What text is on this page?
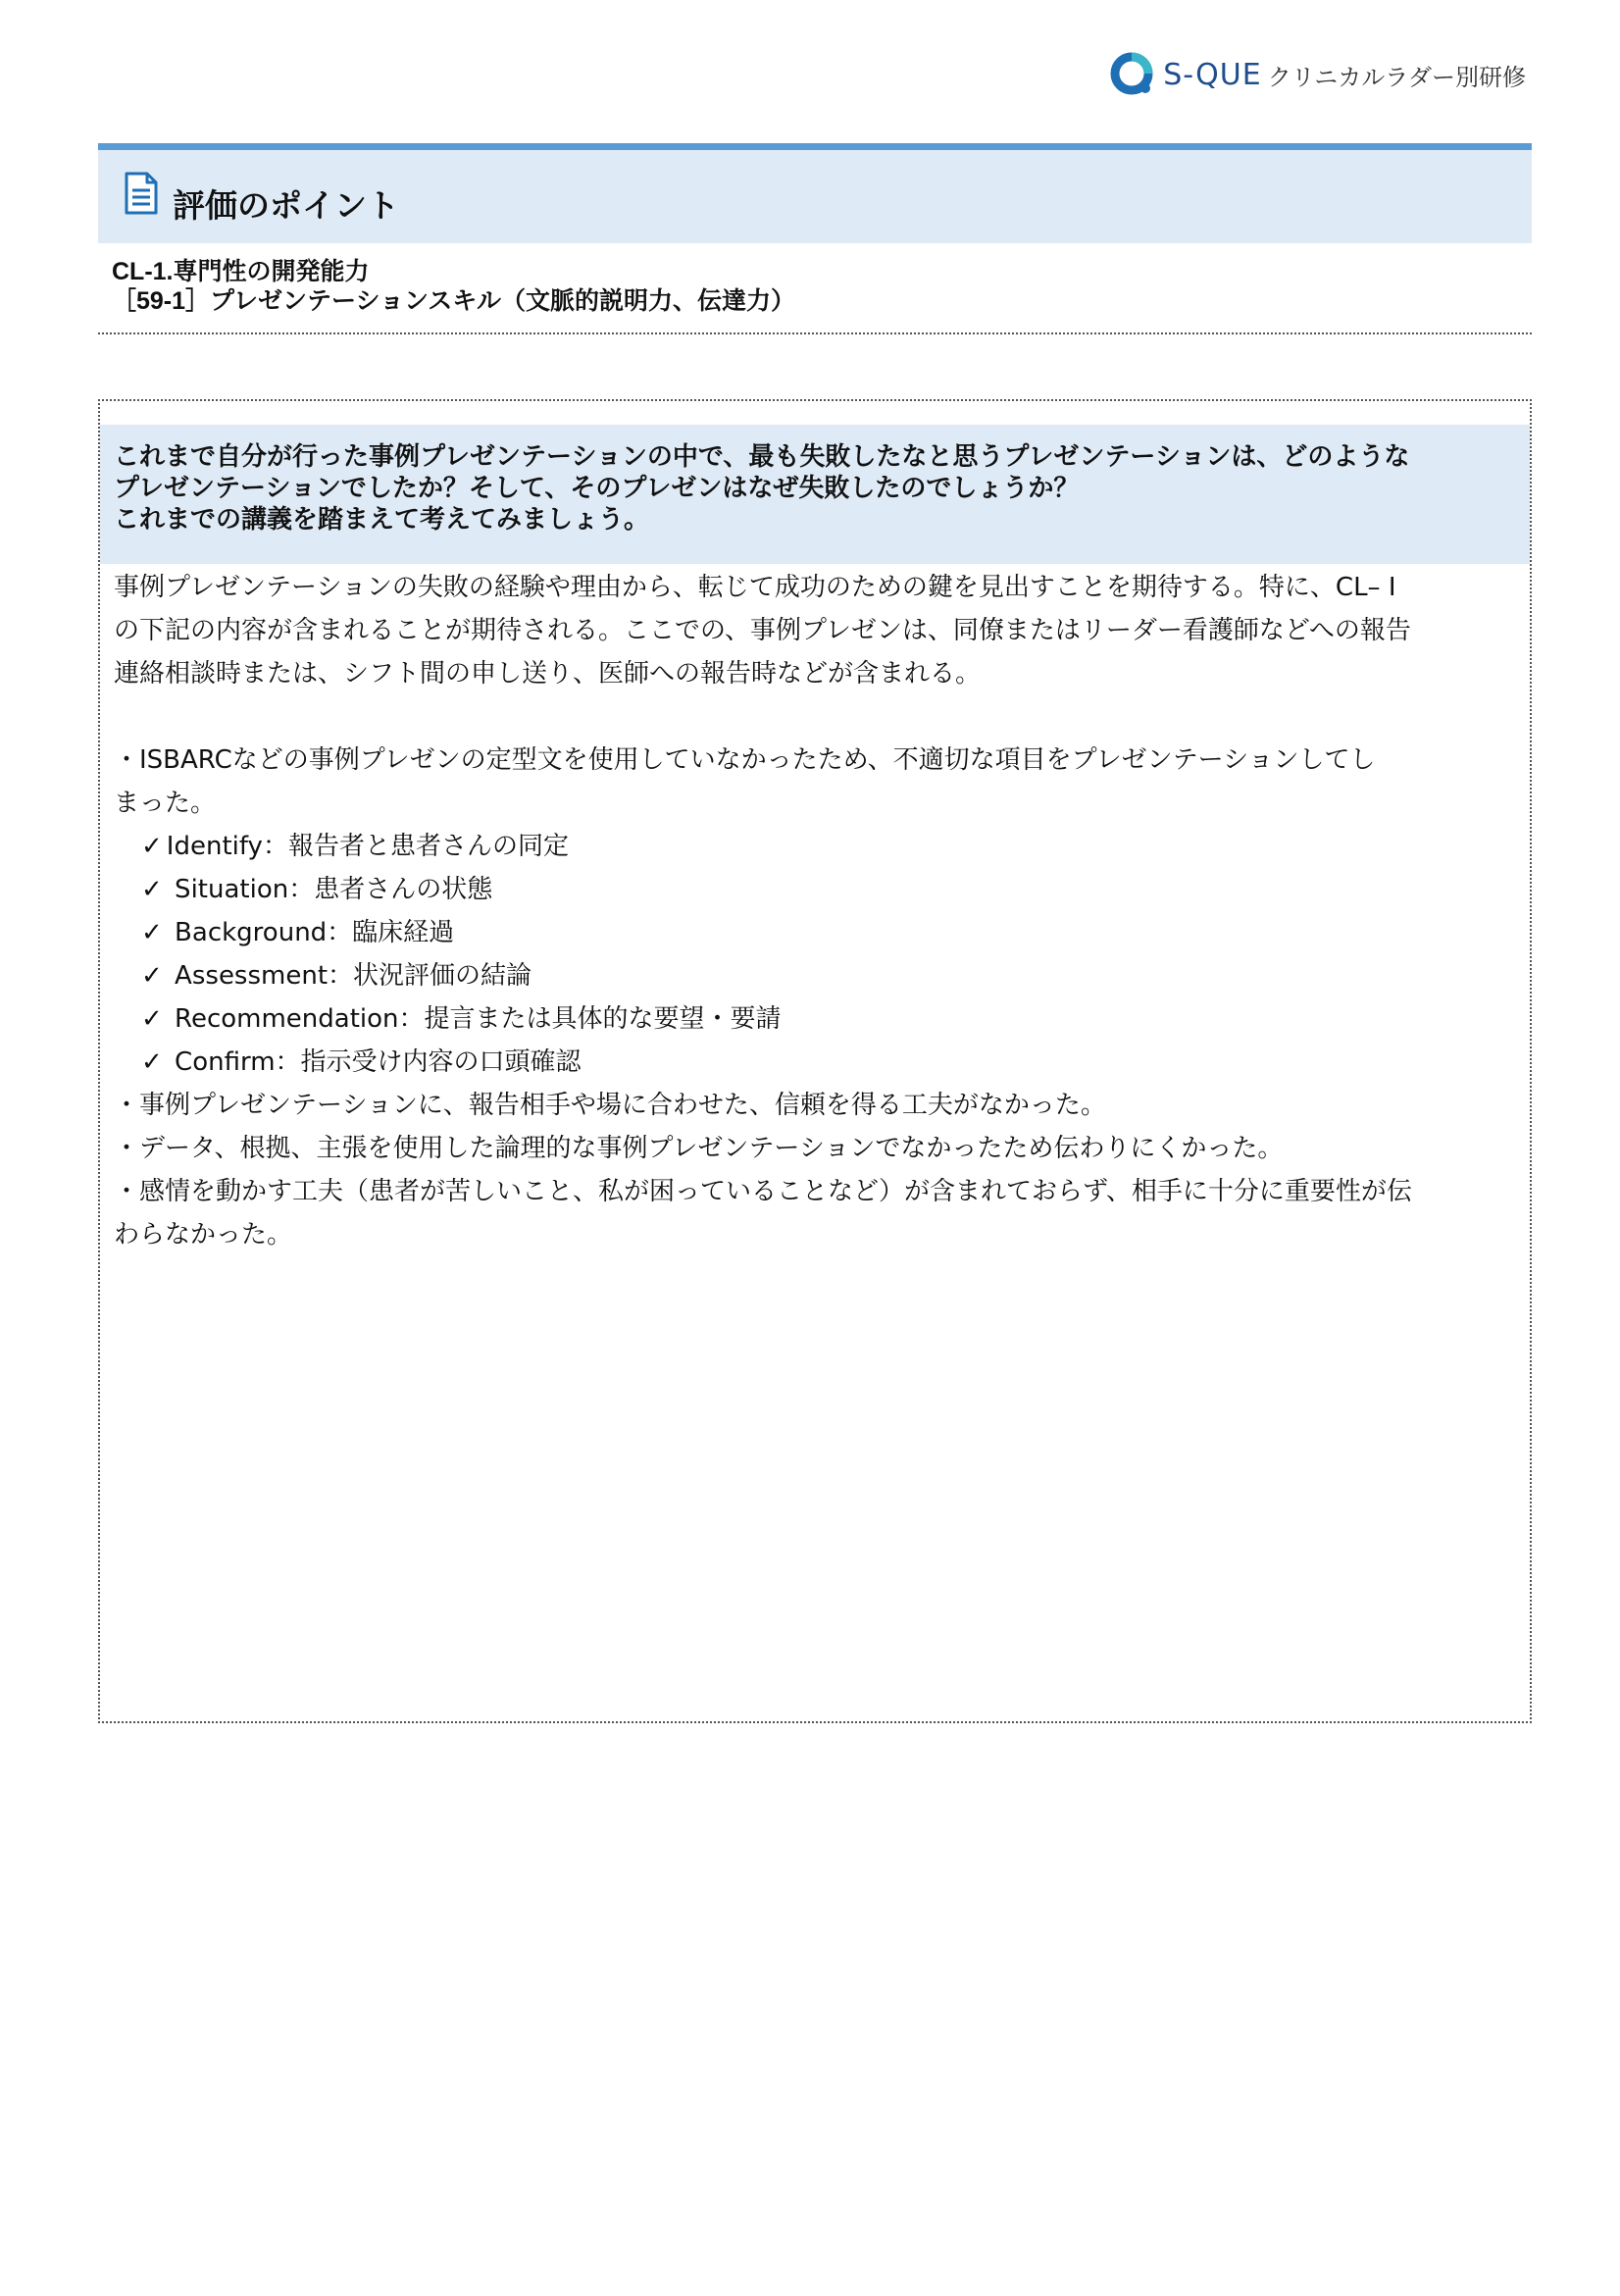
S-QUE クリニカルラダー別研修
評価のポイント
CL-1.専門性の開発能力
［59-1］プレゼンテーションスキル（文脈的説明力、伝達力）
これまで自分が行った事例プレゼンテーションの中で、最も失敗したなと思うプレゼンテーションは、どのような
プレゼンテーションでしたか？そして、そのプレゼンはなぜ失敗したのでしょうか？
これまでの講義を踏まえて考えてみましょう。
事例プレゼンテーションの失敗の経験や理由から、転じて成功のための鍵を見出すことを期待する。特に、CL– I
の下記の内容が含まれることが期待される。ここでの、事例プレゼンは、同僚またはリーダー看護師などへの報告
連絡相談時または、シフト間の申し送り、医師への報告時などが含まれる。
・ISBARCなどの事例プレゼンの定型文を使用していなかったため、不適切な項目をプレゼンテーションしてし
まった。
✓ Identify：報告者と患者さんの同定
✓ Situation：患者さんの状態
✓ Background：臨床経過
✓ Assessment：状況評価の結論
✓ Recommendation：提言または具体的な要望・要請
✓ Confirm：指示受け内容の口頭確認
・事例プレゼンテーションに、報告相手や場に合わせた、信頼を得る工夫がなかった。
・データ、根拠、主張を使用した論理的な事例プレゼンテーションでなかったため伝わりにくかった。
・感情を動かす工夫（患者が苦しいこと、私が困っていることなど）が含まれておらず、相手に十分に重要性が伝
わらなかった。
